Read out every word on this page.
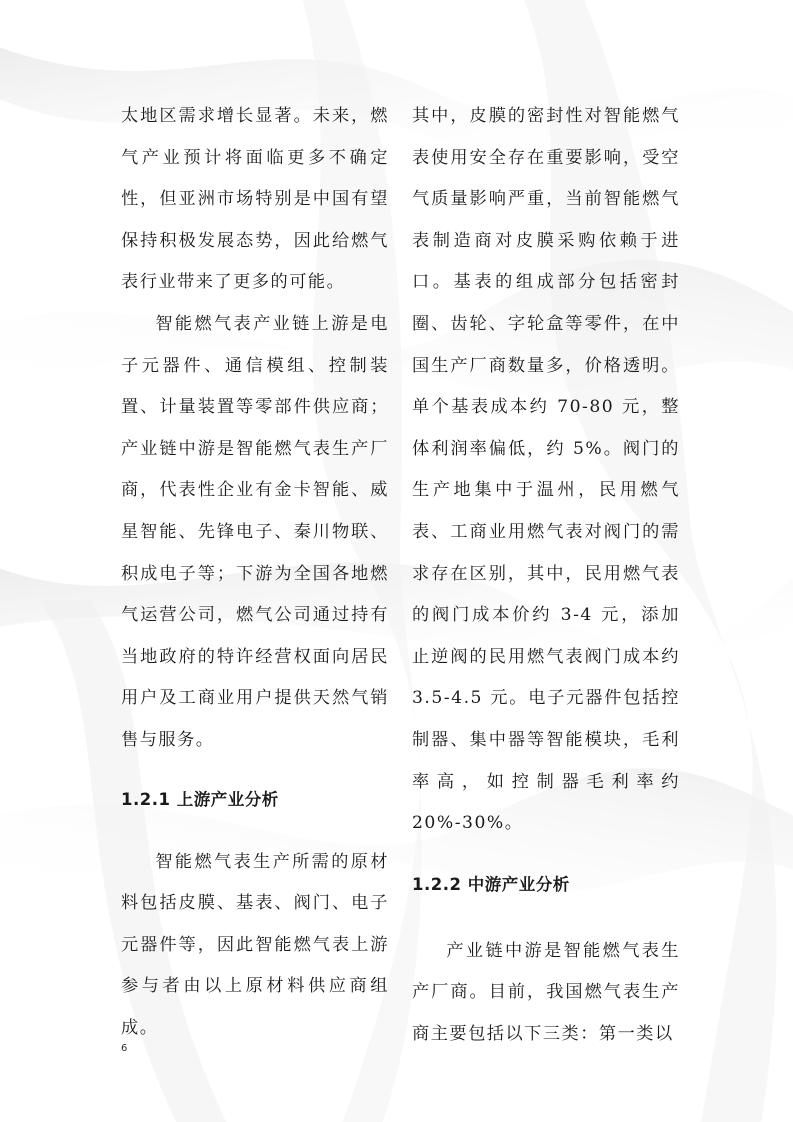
太地区需求增长显著。未来，燃气产业预计将面临更多不确定性，但亚洲市场特别是中国有望保持积极发展态势，因此给燃气表行业带来了更多的可能。

智能燃气表产业链上游是电子元器件、通信模组、控制装置、计量装置等零部件供应商；产业链中游是智能燃气表生产厂商，代表性企业有金卡智能、威星智能、先锋电子、秦川物联、积成电子等；下游为全国各地燃气运营公司，燃气公司通过持有当地政府的特许经营权面向居民用户及工商业用户提供天然气销售与服务。

1.2.1 上游产业分析

智能燃气表生产所需的原材料包括皮膜、基表、阀门、电子元器件等，因此智能燃气表上游参与者由以上原材料供应商组成。

其中，皮膜的密封性对智能燃气表使用安全存在重要影响，受空气质量影响严重，当前智能燃气表制造商对皮膜采购依赖于进口。基表的组成部分包括密封圈、齿轮、字轮盒等零件，在中国生产厂商数量多，价格透明。单个基表成本约 70-80 元，整体利润率偏低，约 5%。阀门的生产地集中于温州，民用燃气表、工商业用燃气表对阀门的需求存在区别，其中，民用燃气表的阀门成本价约 3-4 元，添加止逆阀的民用燃气表阀门成本约 3.5-4.5 元。电子元器件包括控制器、集中器等智能模块，毛利率高，如控制器毛利率约 20%-30%。

1.2.2 中游产业分析

产业链中游是智能燃气表生产厂商。目前，我国燃气表生产商主要包括以下三类：第一类以

6
